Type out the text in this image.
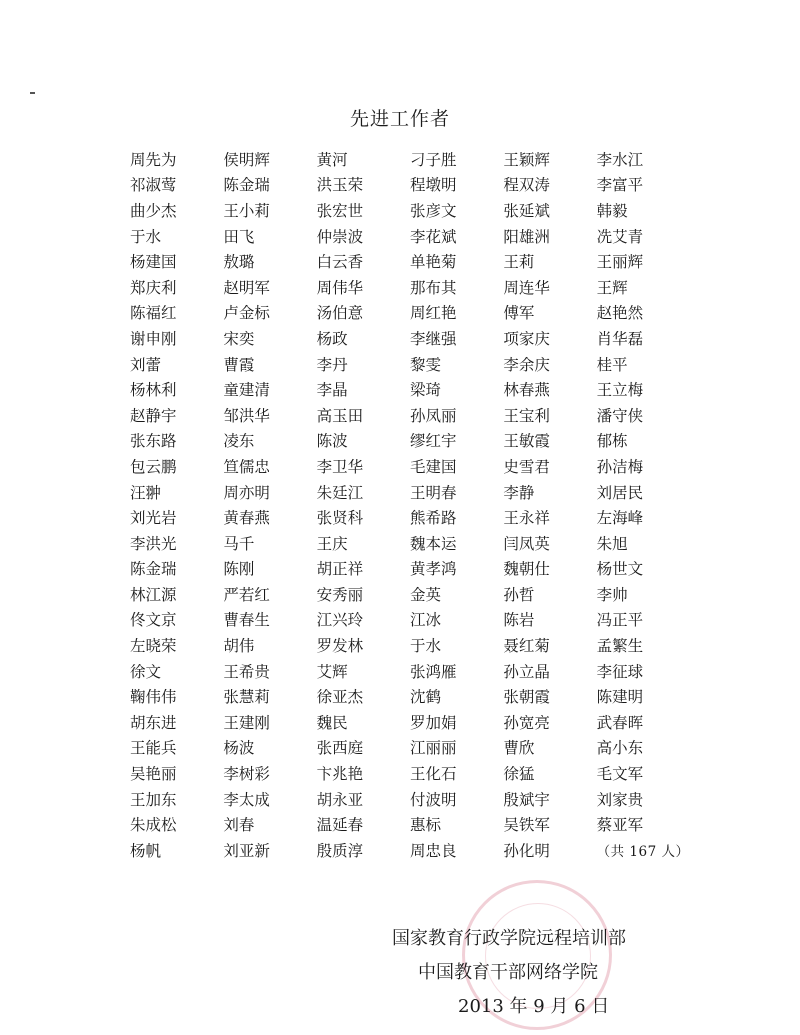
先进工作者
周先为	侯明辉	黄河	刁子胜	王颖辉	李水江
祁淑莺	陈金瑞	洪玉荣	程墩明	程双涛	李富平
曲少杰	王小莉	张宏世	张彦文	张延斌	韩毅
于水	田飞	仲崇波	李花斌	阳雄洲	冼艾青
杨建国	敖璐	白云香	单艳菊	王莉	王丽辉
郑庆利	赵明军	周伟华	那布其	周连华	王辉
陈福红	卢金标	汤伯意	周红艳	傅军	赵艳然
谢申刚	宋奕	杨政	李继强	项家庆	肖华磊
刘蕾	曹霞	李丹	黎雯	李余庆	桂平
杨林利	童建清	李晶	梁琦	林春燕	王立梅
赵静宇	邹洪华	高玉田	孙凤丽	王宝利	潘守侠
张东路	凌东	陈波	缪红宇	王敏霞	郁栋
包云鹏	笪儒忠	李卫华	毛建国	史雪君	孙洁梅
汪翀	周亦明	朱廷江	王明春	李静	刘居民
刘光岩	黄春燕	张贤科	熊希路	王永祥	左海峰
李洪光	马千	王庆	魏本运	闫凤英	朱旭
陈金瑞	陈刚	胡正祥	黄孝鸿	魏朝仕	杨世文
林江源	严若红	安秀丽	金英	孙哲	李帅
佟文京	曹春生	江兴玲	江冰	陈岩	冯正平
左晓荣	胡伟	罗发林	于水	聂红菊	孟繁生
徐文	王希贵	艾辉	张鸿雁	孙立晶	李征球
鞠伟伟	张慧莉	徐亚杰	沈鹤	张朝霞	陈建明
胡东进	王建刚	魏民	罗加娟	孙宽亮	武春晖
王能兵	杨波	张西庭	江丽丽	曹欣	高小东
吴艳丽	李树彩	卞兆艳	王化石	徐猛	毛文军
王加东	李太成	胡永亚	付波明	殷斌宇	刘家贵
朱成松	刘春	温延春	惠标	吴铁军	蔡亚军
杨帆	刘亚新	殷质淳	周忠良	孙化明	（共 167 人）
国家教育行政学院远程培训部
中国教育干部网络学院
2013 年 9 月 6 日
